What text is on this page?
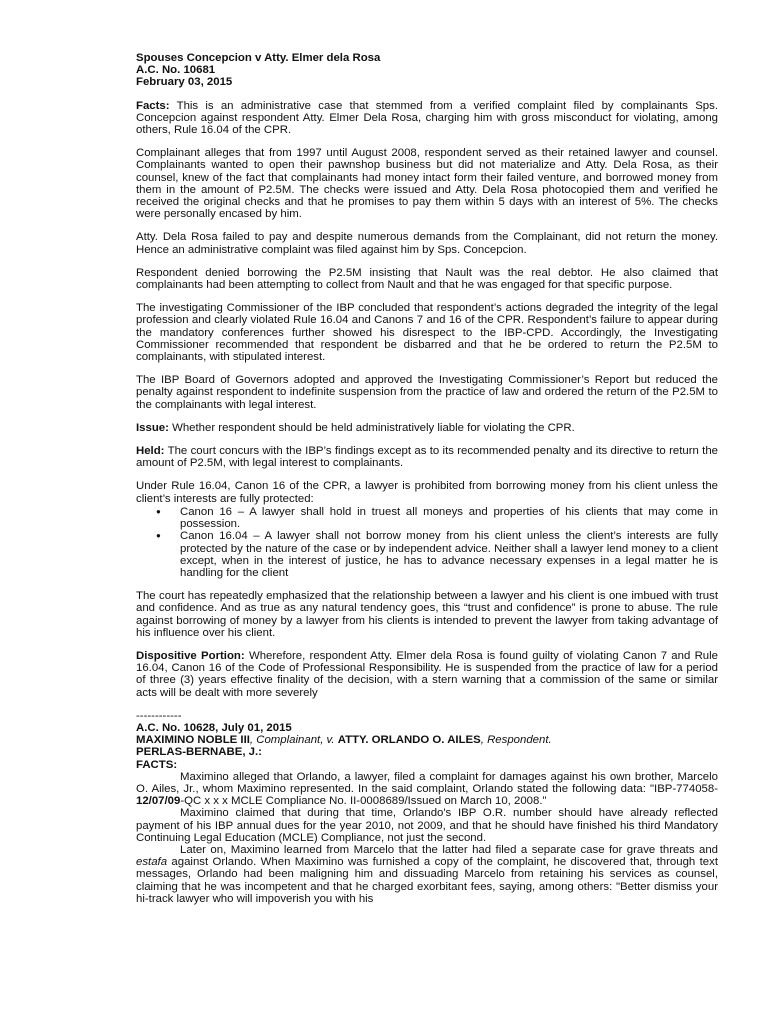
Spouses Concepcion v Atty. Elmer dela Rosa
A.C. No. 10681
February 03, 2015

Facts: This is an administrative case that stemmed from a verified complaint filed by complainants Sps. Concepcion against respondent Atty. Elmer Dela Rosa, charging him with gross misconduct for violating, among others, Rule 16.04 of the CPR.

Complainant alleges that from 1997 until August 2008, respondent served as their retained lawyer and counsel. Complainants wanted to open their pawnshop business but did not materialize and Atty. Dela Rosa, as their counsel, knew of the fact that complainants had money intact form their failed venture, and borrowed money from them in the amount of P2.5M. The checks were issued and Atty. Dela Rosa photocopied them and verified he received the original checks and that he promises to pay them within 5 days with an interest of 5%. The checks were personally encased by him.

Atty. Dela Rosa failed to pay and despite numerous demands from the Complainant, did not return the money. Hence an administrative complaint was filed against him by Sps. Concepcion.

Respondent denied borrowing the P2.5M insisting that Nault was the real debtor. He also claimed that complainants had been attempting to collect from Nault and that he was engaged for that specific purpose.

The investigating Commissioner of the IBP concluded that respondent’s actions degraded the integrity of the legal profession and clearly violated Rule 16.04 and Canons 7 and 16 of the CPR. Respondent’s failure to appear during the mandatory conferences further showed his disrespect to the IBP-CPD. Accordingly, the Investigating Commissioner recommended that respondent be disbarred and that he be ordered to return the P2.5M to complainants, with stipulated interest.

The IBP Board of Governors adopted and approved the Investigating Commissioner’s Report but reduced the penalty against respondent to indefinite suspension from the practice of law and ordered the return of the P2.5M to the complainants with legal interest.

Issue: Whether respondent should be held administratively liable for violating the CPR.

Held: The court concurs with the IBP’s findings except as to its recommended penalty and its directive to return the amount of P2.5M, with legal interest to complainants.

Under Rule 16.04, Canon 16 of the CPR, a lawyer is prohibited from borrowing money from his client unless the client’s interests are fully protected:

● Canon 16 – A lawyer shall hold in truest all moneys and properties of his clients that may come in possession.
● Canon 16.04 – A lawyer shall not borrow money from his client unless the client’s interests are fully protected by the nature of the case or by independent advice. Neither shall a lawyer lend money to a client except, when in the interest of justice, he has to advance necessary expenses in a legal matter he is handling for the client

The court has repeatedly emphasized that the relationship between a lawyer and his client is one imbued with trust and confidence. And as true as any natural tendency goes, this “trust and confidence” is prone to abuse. The rule against borrowing of money by a lawyer from his clients is intended to prevent the lawyer from taking advantage of his influence over his client.

Dispositive Portion: Wherefore, respondent Atty. Elmer dela Rosa is found guilty of violating Canon 7 and Rule 16.04, Canon 16 of the Code of Professional Responsibility. He is suspended from the practice of law for a period of three (3) years effective finality of the decision, with a stern warning that a commission of the same or similar acts will be dealt with more severely

------------

A.C. No. 10628, July 01, 2015

MAXIMINO NOBLE III, Complainant, v. ATTY. ORLANDO O. AILES, Respondent.

PERLAS-BERNABE, J.:

FACTS:

Maximino alleged that Orlando, a lawyer, filed a complaint for damages against his own brother, Marcelo O. Ailes, Jr., whom Maximino represented. In the said complaint, Orlando stated the following data: "IBP-774058-12/07/09-QC x x x MCLE Compliance No. II-0008689/Issued on March 10, 2008."

Maximino claimed that during that time, Orlando's IBP O.R. number should have already reflected payment of his IBP annual dues for the year 2010, not 2009, and that he should have finished his third Mandatory Continuing Legal Education (MCLE) Compliance, not just the second.

Later on, Maximino learned from Marcelo that the latter had filed a separate case for grave threats and estafa against Orlando. When Maximino was furnished a copy of the complaint, he discovered that, through text messages, Orlando had been maligning him and dissuading Marcelo from retaining his services as counsel, claiming that he was incompetent and that he charged exorbitant fees, saying, among others: "Better dismiss your hi-track lawyer who will impoverish you with his
